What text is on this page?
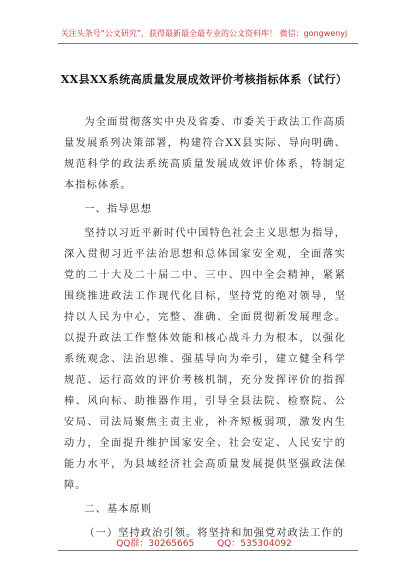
关注头条号“公文研究”，获得最新最全最专业的公文资料库！ 微信：gongwenyj
XX县XX系统高质量发展成效评价考核指标体系（试行）

为全面贯彻落实中央及省委、市委关于政法工作高质量发展系列决策部署，构建符合XX县实际、导向明确、规范科学的政法系统高质量发展成效评价体系，特制定本指标体系。

一、指导思想

坚持以习近平新时代中国特色社会主义思想为指导，深入贯彻习近平法治思想和总体国家安全观，全面落实党的二十大及二十届二中、三中、四中全会精神，紧紧围绕推进政法工作现代化目标，坚持党的绝对领导，坚持以人民为中心，完整、准确、全面贯彻新发展理念。以提升政法工作整体效能和核心战斗力为根本，以强化系统观念、法治思维、强基导向为牵引，建立健全科学规范、运行高效的评价考核机制，充分发挥评价的指挥棒、风向标、助推器作用，引导全县法院、检察院、公安局、司法局聚焦主责主业，补齐短板弱项，激发内生动力，全面提升维护国家安全、社会安定、人民安宁的能力水平，为县域经济社会高质量发展提供坚强政法保障。

二、基本原则

（一）坚持政治引领。将坚持和加强党对政法工作的

QQ群：30265665	QQ：535304092
